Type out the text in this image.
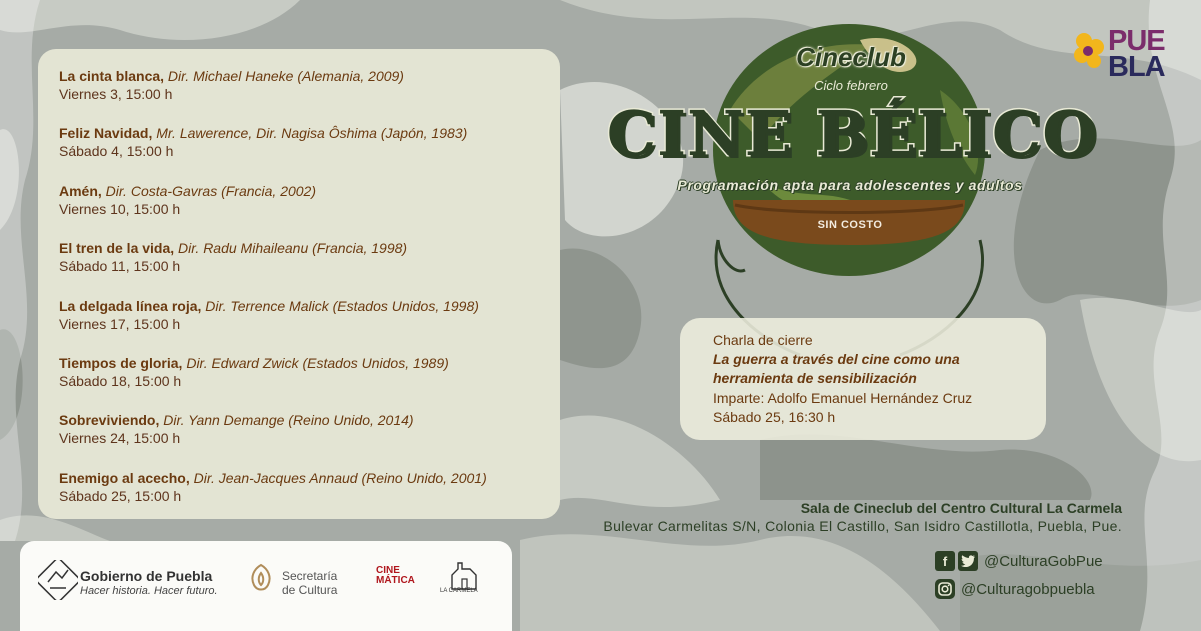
La cinta blanca, Dir. Michael Haneke (Alemania, 2009)
Viernes 3, 15:00 h
Feliz Navidad, Mr. Lawerence, Dir. Nagisa Ôshima (Japón, 1983)
Sábado 4, 15:00 h
Amén, Dir. Costa-Gavras (Francia, 2002)
Viernes 10, 15:00 h
El tren de la vida, Dir. Radu Mihaileanu (Francia, 1998)
Sábado 11, 15:00 h
La delgada línea roja, Dir. Terrence Malick (Estados Unidos, 1998)
Viernes 17, 15:00 h
Tiempos de gloria, Dir. Edward Zwick (Estados Unidos, 1989)
Sábado 18, 15:00 h
Sobreviviendo, Dir. Yann Demange (Reino Unido, 2014)
Viernes 24, 15:00 h
Enemigo al acecho, Dir. Jean-Jacques Annaud (Reino Unido, 2001)
Sábado 25, 15:00 h
Cineclub
Ciclo febrero
CINE BÉLICO
Programación apta para adolescentes y adultos
SIN COSTO
PUE
BLA
Charla de cierre
La guerra a través del cine como una
herramienta de sensibilización
Imparte: Adolfo Emanuel Hernández Cruz
Sábado 25, 16:30 h
Sala de Cineclub del Centro Cultural La Carmela
Bulevar Carmelitas S/N, Colonia El Castillo, San Isidro Castillotla, Puebla, Pue.
f	@CulturaGobPue
@Culturagobpuebla
Gobierno de Puebla
Hacer historia. Hacer futuro.
Secretaría
de Cultura
CINE
MÁTICA
LA CARMELA
